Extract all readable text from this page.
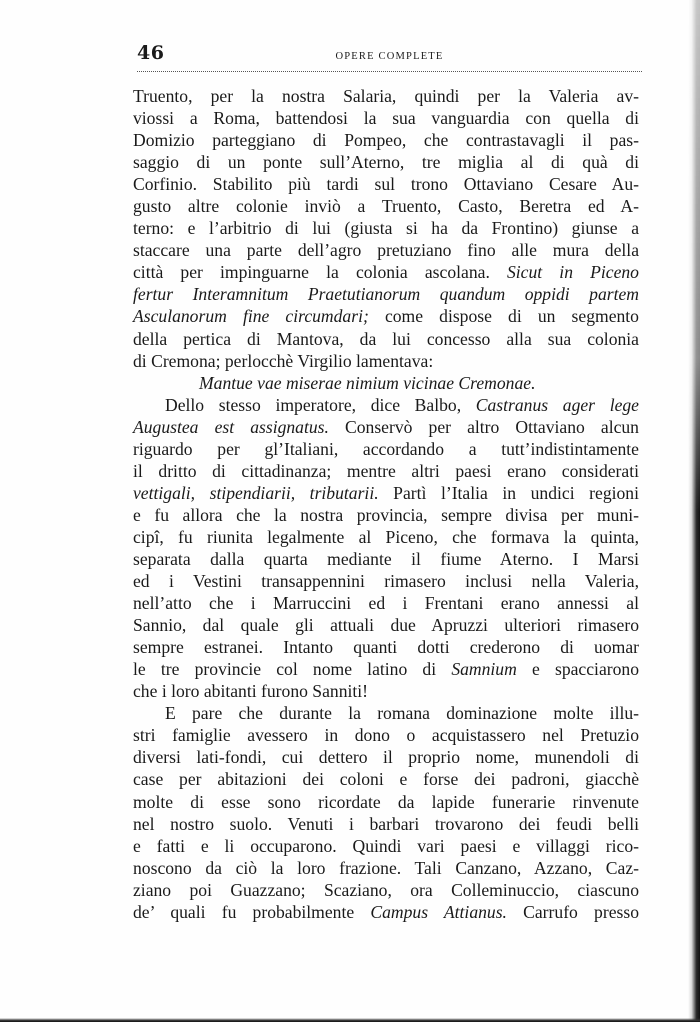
46	OPERE COMPLETE
Truento, per la nostra Salaria, quindi per la Valeria av-
viossi a Roma, battendosi la sua vanguardia con quella di
Domizio parteggiano di Pompeo, che contrastavagli il pas-
saggio di un ponte sull’Aterno, tre miglia al di quà di
Corfinio. Stabilito più tardi sul trono Ottaviano Cesare Au-
gusto altre colonie inviò a Truento, Casto, Beretra ed A-
terno: e l’arbitrio di lui (giusta si ha da Frontino) giunse a
staccare una parte dell’agro pretuziano fino alle mura della
città per impinguarne la colonia ascolana. Sicut in Piceno
fertur Interamnitum Praetutianorum quandum oppidi partem
Asculanorum fine circumdari; come dispose di un segmento
della pertica di Mantova, da lui concesso alla sua colonia
di Cremona; perlocchè Virgilio lamentava:
Mantue vae miserae nimium vicinae Cremonae.
Dello stesso imperatore, dice Balbo, Castranus ager lege
Augustea est assignatus. Conservò per altro Ottaviano alcun
riguardo per gl’Italiani, accordando a tutt’indistintamente
il dritto di cittadinanza; mentre altri paesi erano considerati
vettigali, stipendiarii, tributarii. Partì l’Italia in undici regioni
e fu allora che la nostra provincia, sempre divisa per muni-
cipî, fu riunita legalmente al Piceno, che formava la quinta,
separata dalla quarta mediante il fiume Aterno. I Marsi
ed i Vestini transappennini rimasero inclusi nella Valeria,
nell’atto che i Marruccini ed i Frentani erano annessi al
Sannio, dal quale gli attuali due Apruzzi ulteriori rimasero
sempre estranei. Intanto quanti dotti crederono di uomar
le tre provincie col nome latino di Samnium e spacciarono
che i loro abitanti furono Sanniti!
E pare che durante la romana dominazione molte illu-
stri famiglie avessero in dono o acquistassero nel Pretuzio
diversi lati-fondi, cui dettero il proprio nome, munendoli di
case per abitazioni dei coloni e forse dei padroni, giacchè
molte di esse sono ricordate da lapide funerarie rinvenute
nel nostro suolo. Venuti i barbari trovarono dei feudi belli
e fatti e li occuparono. Quindi vari paesi e villaggi rico-
noscono da ciò la loro frazione. Tali Canzano, Azzano, Caz-
ziano poi Guazzano; Scaziano, ora Colleminuccio, ciascuno
de’ quali fu probabilmente Campus Attianus. Carrufo presso
